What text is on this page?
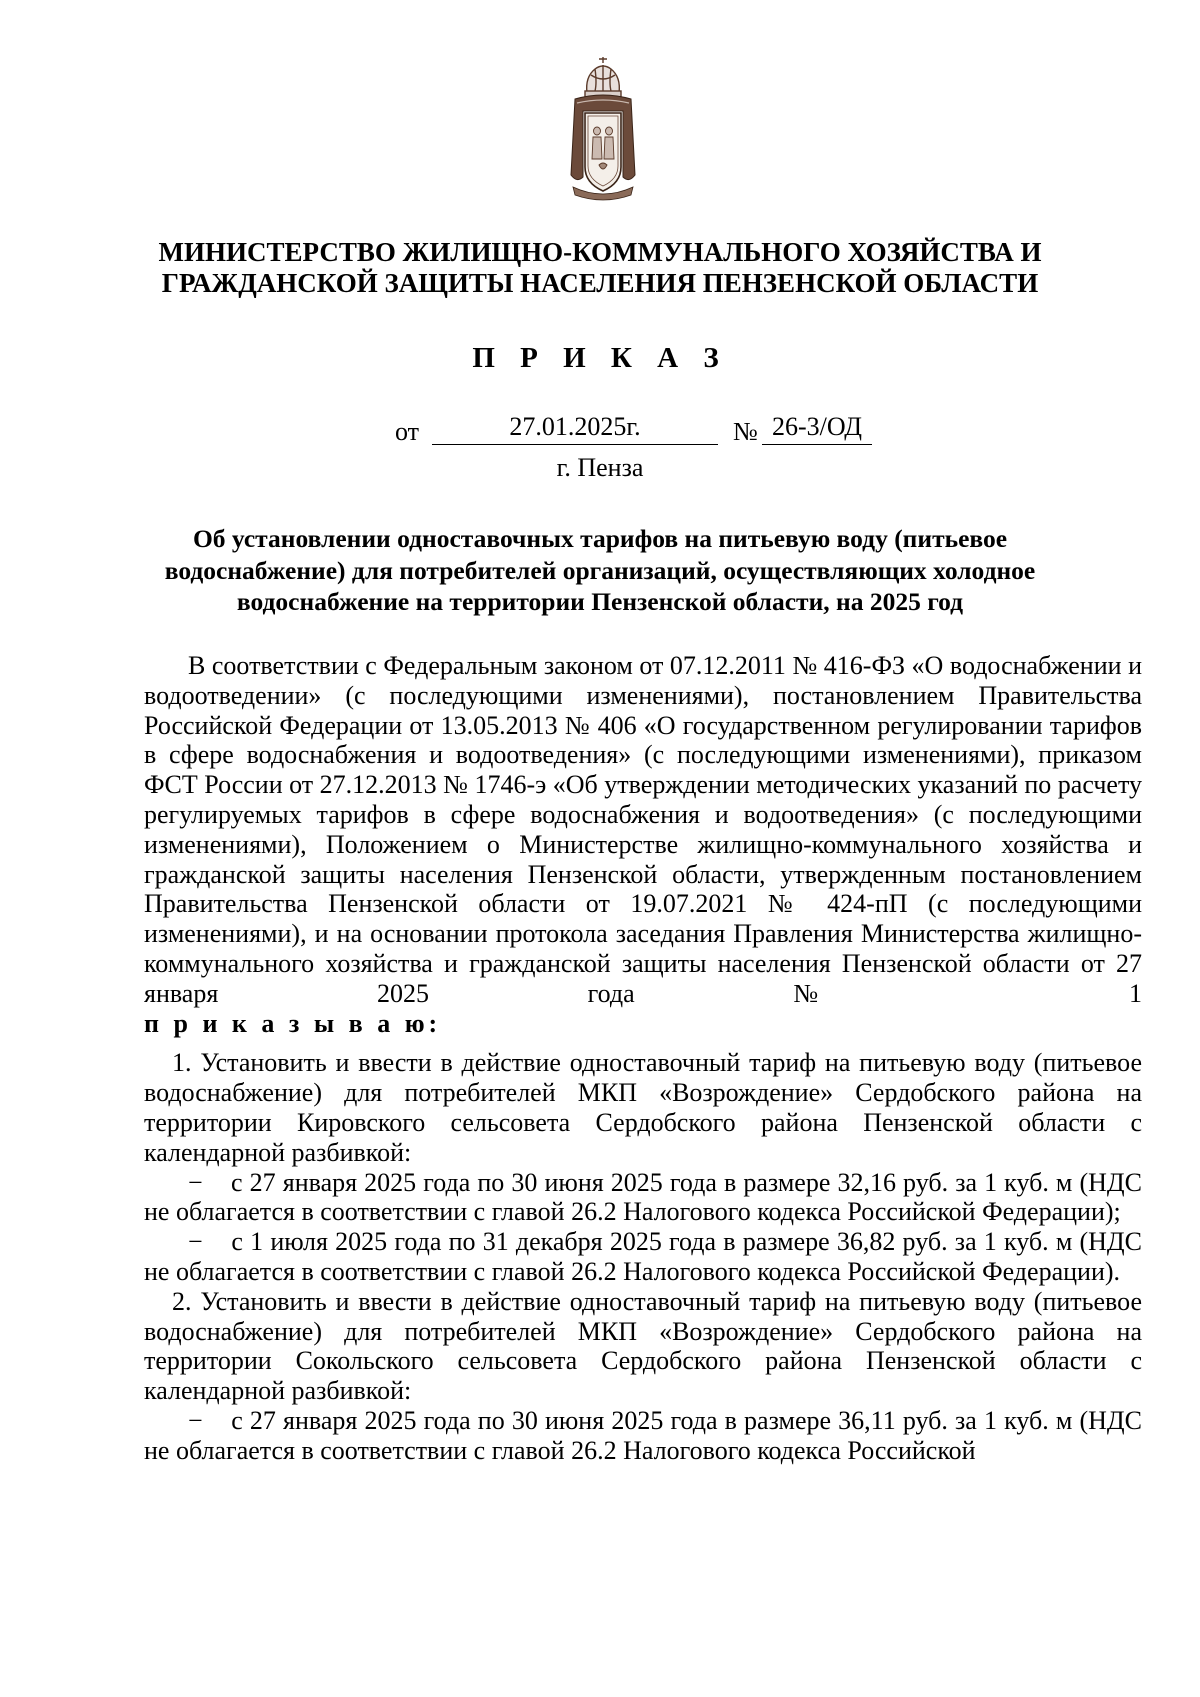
МИНИСТЕРСТВО ЖИЛИЩНО-КОММУНАЛЬНОГО ХОЗЯЙСТВА И
ГРАЖДАНСКОЙ ЗАЩИТЫ НАСЕЛЕНИЯ ПЕНЗЕНСКОЙ ОБЛАСТИ
П Р И К А З
от	27.01.2025г.	№ 26-3/ОД
г. Пенза
Об установлении одноставочных тарифов на питьевую воду (питьевое
водоснабжение) для потребителей организаций, осуществляющих холодное
водоснабжение на территории Пензенской области, на 2025 год

В соответствии с Федеральным законом от 07.12.2011 № 416-ФЗ «О водоснабжении и водоотведении» (с последующими изменениями), постановлением Правительства Российской Федерации от 13.05.2013 № 406 «О государственном регулировании тарифов в сфере водоснабжения и водоотведения» (с последующими изменениями), приказом ФСТ России от 27.12.2013 № 1746-э «Об утверждении методических указаний по расчету регулируемых тарифов в сфере водоснабжения и водоотведения» (с последующими изменениями), Положением о Министерстве жилищно-коммунального хозяйства и гражданской защиты населения Пензенской области, утвержденным постановлением Правительства Пензенской области от 19.07.2021 № 424-пП (с последующими изменениями), и на основании протокола заседания Правления Министерства жилищно-коммунального хозяйства и гражданской защиты населения Пензенской области от 27 января 2025 года № 1

п р и к а з ы в а ю:

1. Установить и ввести в действие одноставочный тариф на питьевую воду (питьевое водоснабжение) для потребителей МКП «Возрождение» Сердобского района на территории Кировского сельсовета Сердобского района Пензенской области с календарной разбивкой:

−    с 27 января 2025 года по 30 июня 2025 года в размере 32,16 руб. за 1 куб. м (НДС не облагается в соответствии с главой 26.2 Налогового кодекса Российской Федерации);

−    с 1 июля 2025 года по 31 декабря 2025 года в размере 36,82 руб. за 1 куб. м (НДС не облагается в соответствии с главой 26.2 Налогового кодекса Российской Федерации).

2. Установить и ввести в действие одноставочный тариф на питьевую воду (питьевое водоснабжение) для потребителей МКП «Возрождение» Сердобского района на территории Сокольского сельсовета Сердобского района Пензенской области с календарной разбивкой:

−    с 27 января 2025 года по 30 июня 2025 года в размере 36,11 руб. за 1 куб. м (НДС не облагается в соответствии с главой 26.2 Налогового кодекса Российской
